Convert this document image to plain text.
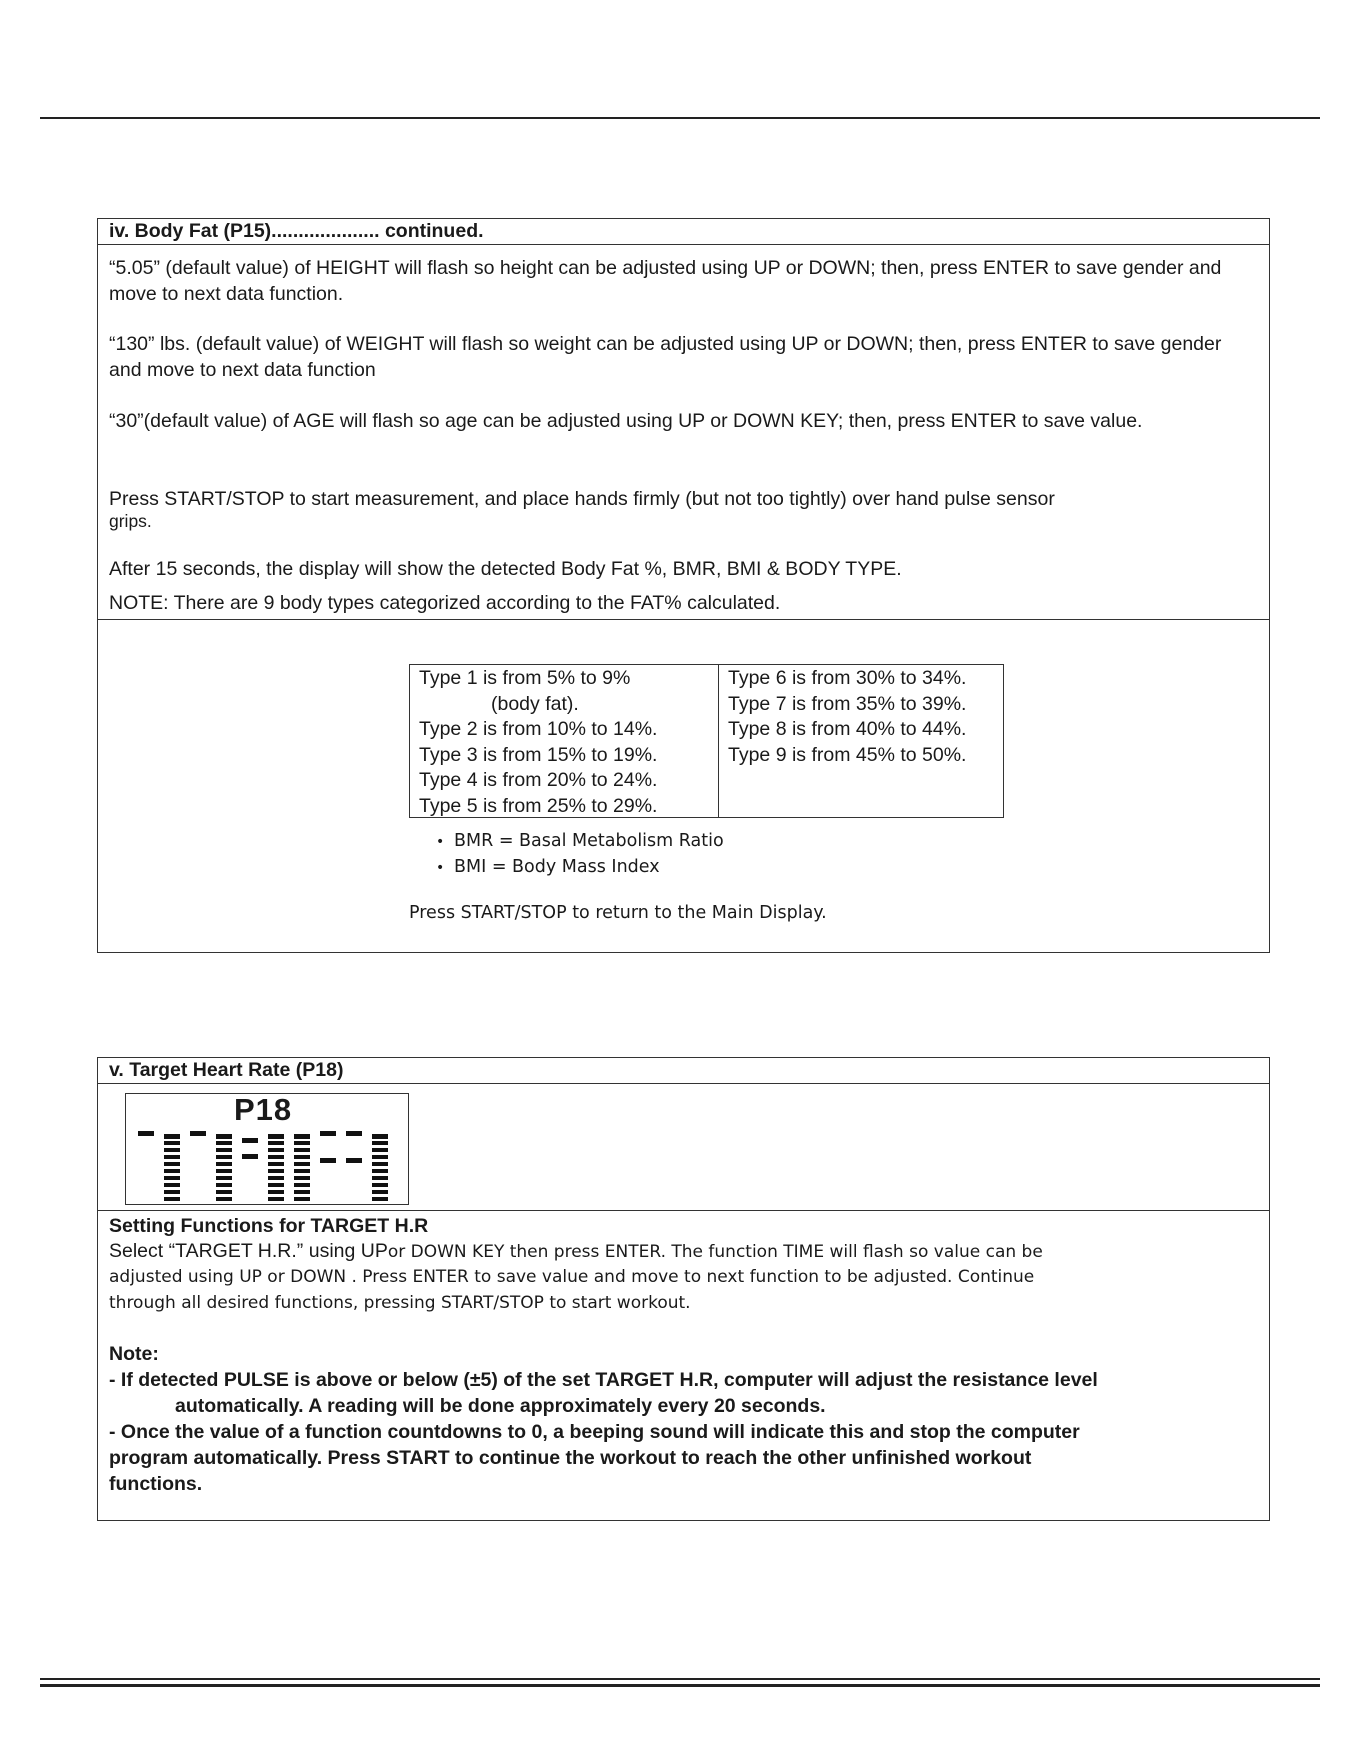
iv. Body Fat (P15).................... continued.

“5.05” (default value) of HEIGHT will flash so height can be adjusted using UP or DOWN; then, press ENTER to save gender and move to next data function.

“130” lbs. (default value) of WEIGHT will flash so weight can be adjusted using UP or DOWN; then, press ENTER to save gender and move to next data function

“30”(default value) of AGE will flash so age can be adjusted using UP or DOWN KEY; then, press ENTER to save value.

Press START/STOP to start measurement, and place hands firmly (but not too tightly) over hand pulse sensor

grips.

After 15 seconds, the display will show the detected Body Fat %, BMR, BMI & BODY TYPE.

NOTE: There are 9 body types categorized according to the FAT% calculated.

Type 1 is from 5% to 9%
(body fat).
Type 2 is from 10% to 14%.
Type 3 is from 15% to 19%.
Type 4 is from 20% to 24%.
Type 5 is from 25% to 29%.
Type 6 is from 30% to 34%.
Type 7 is from 35% to 39%.
Type 8 is from 40% to 44%.
Type 9 is from 45% to 50%.
• BMR = Basal Metabolism Ratio
• BMI = Body Mass Index
Press START/STOP to return to the Main Display.
v. Target Heart Rate (P18)
P18

Setting Functions for TARGET H.R

Select “TARGET H.R.” using UPor DOWN KEY then press ENTER. The function TIME will flash so value can be

adjusted using UP or DOWN . Press ENTER to save value and move to next function to be adjusted. Continue

through all desired functions, pressing START/STOP to start workout.

Note:

- If detected PULSE is above or below (±5) of the set TARGET H.R, computer will adjust the resistance level

automatically. A reading will be done approximately every 20 seconds.

- Once the value of a function countdowns to 0, a beeping sound will indicate this and stop the computer

program automatically. Press START to continue the workout to reach the other unfinished workout

functions.
